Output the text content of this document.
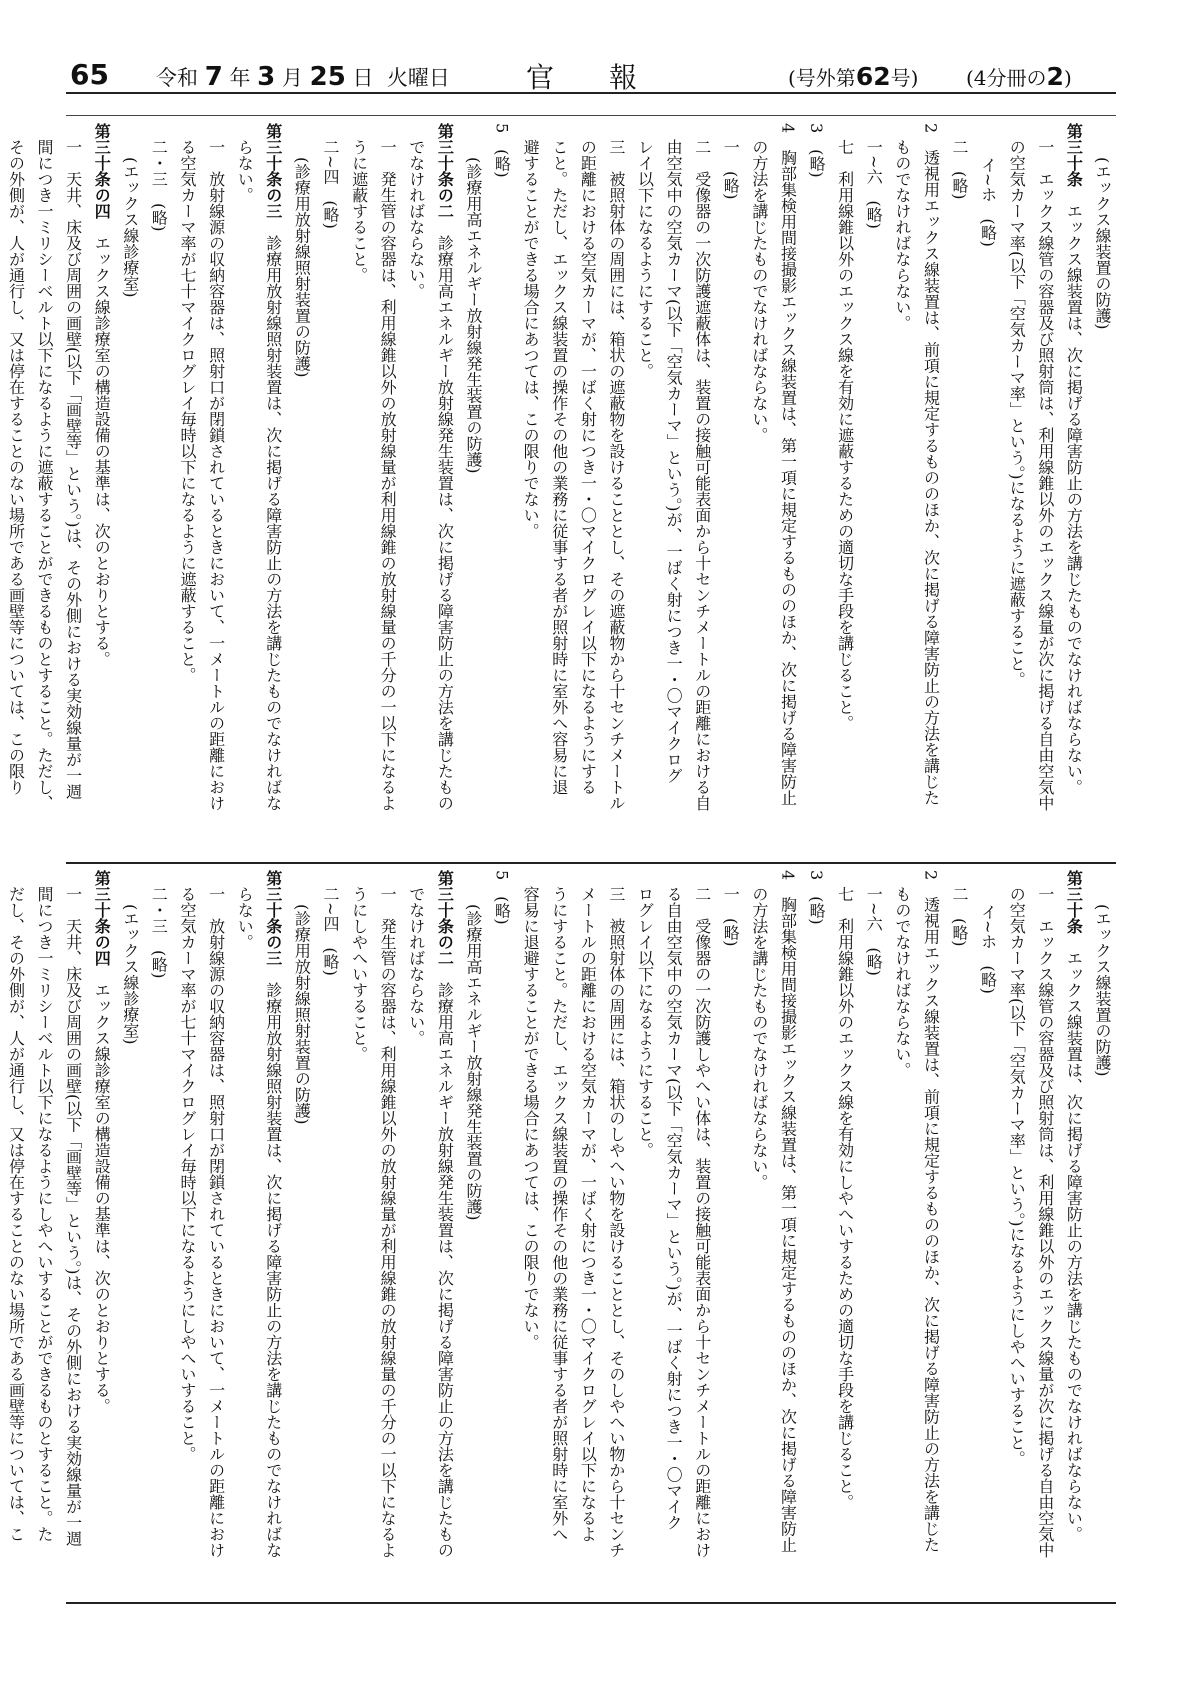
65 令和 7 年 3 月 25 日 火曜日	官報	(号外第62号) (4分冊の2)

(エックス線装置の防護)

第三十条　エックス線装置は、次に掲げる障害防止の方法を講じたものでなければならない。

一　エックス線管の容器及び照射筒は、利用線錐以外のエックス線量が次に掲げる自由空気中

の空気カーマ率(以下「空気カーマ率」という。)になるように遮蔽すること。

イ~ホ　(略)

二　(略)

2　透視用エックス線装置は、前項に規定するもののほか、次に掲げる障害防止の方法を講じた

ものでなければならない。

一~六　(略)

七　利用線錐以外のエックス線を有効に遮蔽するための適切な手段を講じること。

3　(略)

4　胸部集検用間接撮影エックス線装置は、第一項に規定するもののほか、次に掲げる障害防止

の方法を講じたものでなければならない。

一　(略)

二　受像器の一次防護遮蔽体は、装置の接触可能表面から十センチメートルの距離における自

由空気中の空気カーマ(以下「空気カーマ」という。)が、一ばく射につき一・〇マイクログ

レイ以下になるようにすること。

三　被照射体の周囲には、箱状の遮蔽物を設けることとし、その遮蔽物から十センチメートル

の距離における空気カーマが、一ばく射につき一・〇マイクログレイ以下になるようにする

こと。ただし、エックス線装置の操作その他の業務に従事する者が照射時に室外へ容易に退

避することができる場合にあつては、この限りでない。

5　(略)

(診療用高エネルギー放射線発生装置の防護)

第三十条の二　診療用高エネルギー放射線発生装置は、次に掲げる障害防止の方法を講じたもの

でなければならない。

一　発生管の容器は、利用線錐以外の放射線量が利用線錐の放射線量の千分の一以下になるよ

うに遮蔽すること。

二~四　(略)

(診療用放射線照射装置の防護)

第三十条の三　診療用放射線照射装置は、次に掲げる障害防止の方法を講じたものでなければな

らない。

一　放射線源の収納容器は、照射口が閉鎖されているときにおいて、一メートルの距離におけ

る空気カーマ率が七十マイクログレイ毎時以下になるように遮蔽すること。

二・三　(略)

(エックス線診療室)

第三十条の四　エックス線診療室の構造設備の基準は、次のとおりとする。

一　天井、床及び周囲の画壁(以下「画壁等」という。)は、その外側における実効線量が一週

間につき一ミリシーベルト以下になるように遮蔽することができるものとすること。ただし、

その外側が、人が通行し、又は停在することのない場所である画壁等については、この限り

(エックス線装置の防護)

第三十条　エックス線装置は、次に掲げる障害防止の方法を講じたものでなければならない。

一　エックス線管の容器及び照射筒は、利用線錐以外のエックス線量が次に掲げる自由空気中

の空気カーマ率(以下「空気カーマ率」という。)になるようにしやへいすること。

イ~ホ　(略)

二　(略)

2　透視用エックス線装置は、前項に規定するもののほか、次に掲げる障害防止の方法を講じた

ものでなければならない。

一~六　(略)

七　利用線錐以外のエックス線を有効にしやへいするための適切な手段を講じること。

3　(略)

4　胸部集検用間接撮影エックス線装置は、第一項に規定するもののほか、次に掲げる障害防止

の方法を講じたものでなければならない。

一　(略)

二　受像器の一次防護しやへい体は、装置の接触可能表面から十センチメートルの距離におけ

る自由空気中の空気カーマ(以下「空気カーマ」という。)が、一ばく射につき一・〇マイク

ログレイ以下になるようにすること。

三　被照射体の周囲には、箱状のしやへい物を設けることとし、そのしやへい物から十センチ

メートルの距離における空気カーマが、一ばく射につき一・〇マイクログレイ以下になるよ

うにすること。ただし、エックス線装置の操作その他の業務に従事する者が照射時に室外へ

容易に退避することができる場合にあつては、この限りでない。

5　(略)

(診療用高エネルギー放射線発生装置の防護)

第三十条の二　診療用高エネルギー放射線発生装置は、次に掲げる障害防止の方法を講じたもの

でなければならない。

一　発生管の容器は、利用線錐以外の放射線量が利用線錐の放射線量の千分の一以下になるよ

うにしやへいすること。

二~四　(略)

(診療用放射線照射装置の防護)

第三十条の三　診療用放射線照射装置は、次に掲げる障害防止の方法を講じたものでなければな

らない。

一　放射線源の収納容器は、照射口が閉鎖されているときにおいて、一メートルの距離におけ

る空気カーマ率が七十マイクログレイ毎時以下になるようにしやへいすること。

二・三　(略)

(エックス線診療室)

第三十条の四　エックス線診療室の構造設備の基準は、次のとおりとする。

一　天井、床及び周囲の画壁(以下「画壁等」という。)は、その外側における実効線量が一週

間につき一ミリシーベルト以下になるようにしやへいすることができるものとすること。た

だし、その外側が、人が通行し、又は停在することのない場所である画壁等については、こ
